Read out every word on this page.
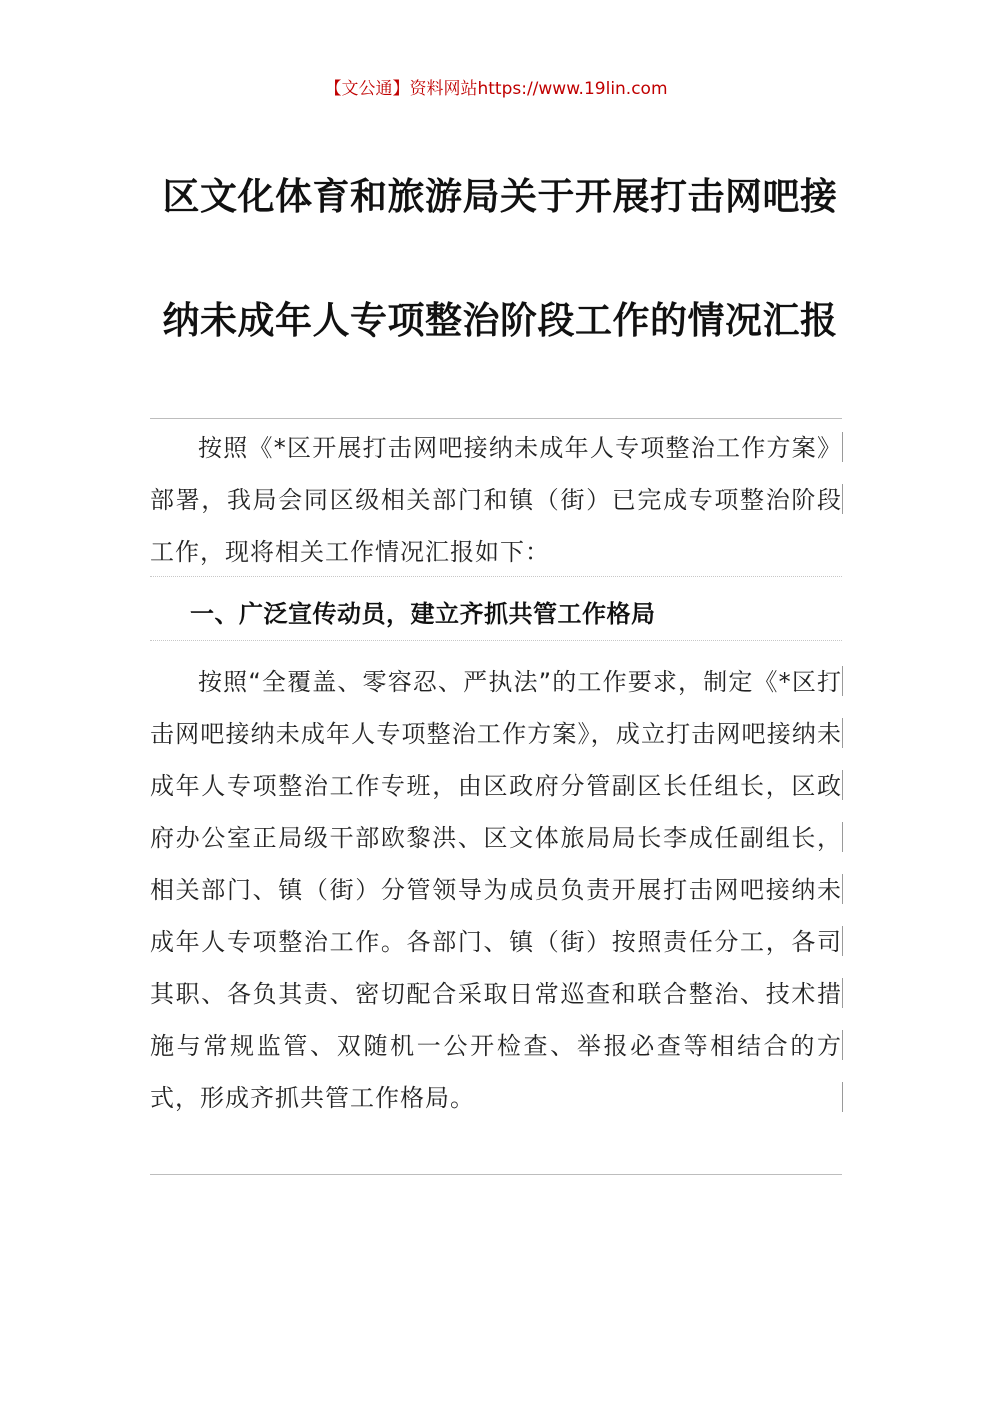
【文公通】资料网站https://www.19lin.com
区文化体育和旅游局关于开展打击网吧接
纳未成年人专项整治阶段工作的情况汇报
按照《*区开展打击网吧接纳未成年人专项整治工作方案》部署，我局会同区级相关部门和镇（街）已完成专项整治阶段工作，现将相关工作情况汇报如下：
一、广泛宣传动员，建立齐抓共管工作格局
按照“全覆盖、零容忍、严执法”的工作要求，制定《*区打击网吧接纳未成年人专项整治工作方案》，成立打击网吧接纳未成年人专项整治工作专班，由区政府分管副区长任组长，区政府办公室正局级干部欧黎洪、区文体旅局局长李成任副组长，相关部门、镇（街）分管领导为成员负责开展打击网吧接纳未成年人专项整治工作。各部门、镇（街）按照责任分工，各司其职、各负其责、密切配合采取日常巡查和联合整治、技术措施与常规监管、双随机一公开检查、举报必查等相结合的方式，形成齐抓共管工作格局。
